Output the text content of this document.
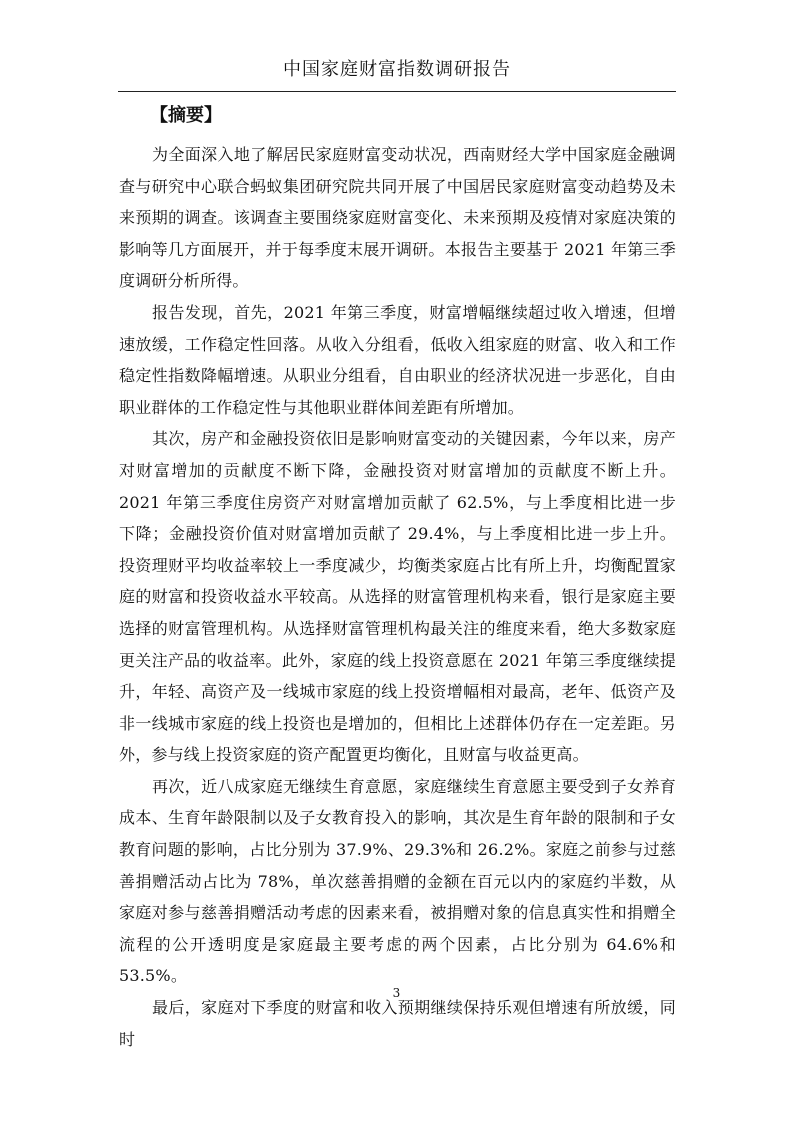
中国家庭财富指数调研报告
【摘要】

为全面深入地了解居民家庭财富变动状况，西南财经大学中国家庭金融调查与研究中心联合蚂蚁集团研究院共同开展了中国居民家庭财富变动趋势及未来预期的调查。该调查主要围绕家庭财富变化、未来预期及疫情对家庭决策的影响等几方面展开，并于每季度末展开调研。本报告主要基于 2021 年第三季度调研分析所得。

报告发现，首先，2021 年第三季度，财富增幅继续超过收入增速，但增速放缓，工作稳定性回落。从收入分组看，低收入组家庭的财富、收入和工作稳定性指数降幅增速。从职业分组看，自由职业的经济状况进一步恶化，自由职业群体的工作稳定性与其他职业群体间差距有所增加。

其次，房产和金融投资依旧是影响财富变动的关键因素，今年以来，房产对财富增加的贡献度不断下降，金融投资对财富增加的贡献度不断上升。2021 年第三季度住房资产对财富增加贡献了 62.5%，与上季度相比进一步下降；金融投资价值对财富增加贡献了 29.4%，与上季度相比进一步上升。投资理财平均收益率较上一季度减少，均衡类家庭占比有所上升，均衡配置家庭的财富和投资收益水平较高。从选择的财富管理机构来看，银行是家庭主要选择的财富管理机构。从选择财富管理机构最关注的维度来看，绝大多数家庭更关注产品的收益率。此外，家庭的线上投资意愿在 2021 年第三季度继续提升，年轻、高资产及一线城市家庭的线上投资增幅相对最高，老年、低资产及非一线城市家庭的线上投资也是增加的，但相比上述群体仍存在一定差距。另外，参与线上投资家庭的资产配置更均衡化，且财富与收益更高。

再次，近八成家庭无继续生育意愿，家庭继续生育意愿主要受到子女养育成本、生育年龄限制以及子女教育投入的影响，其次是生育年龄的限制和子女教育问题的影响，占比分别为 37.9%、29.3%和 26.2%。家庭之前参与过慈善捐赠活动占比为 78%，单次慈善捐赠的金额在百元以内的家庭约半数，从家庭对参与慈善捐赠活动考虑的因素来看，被捐赠对象的信息真实性和捐赠全流程的公开透明度是家庭最主要考虑的两个因素，占比分别为 64.6%和 53.5%。

最后，家庭对下季度的财富和收入预期继续保持乐观但增速有所放缓，同时

3
